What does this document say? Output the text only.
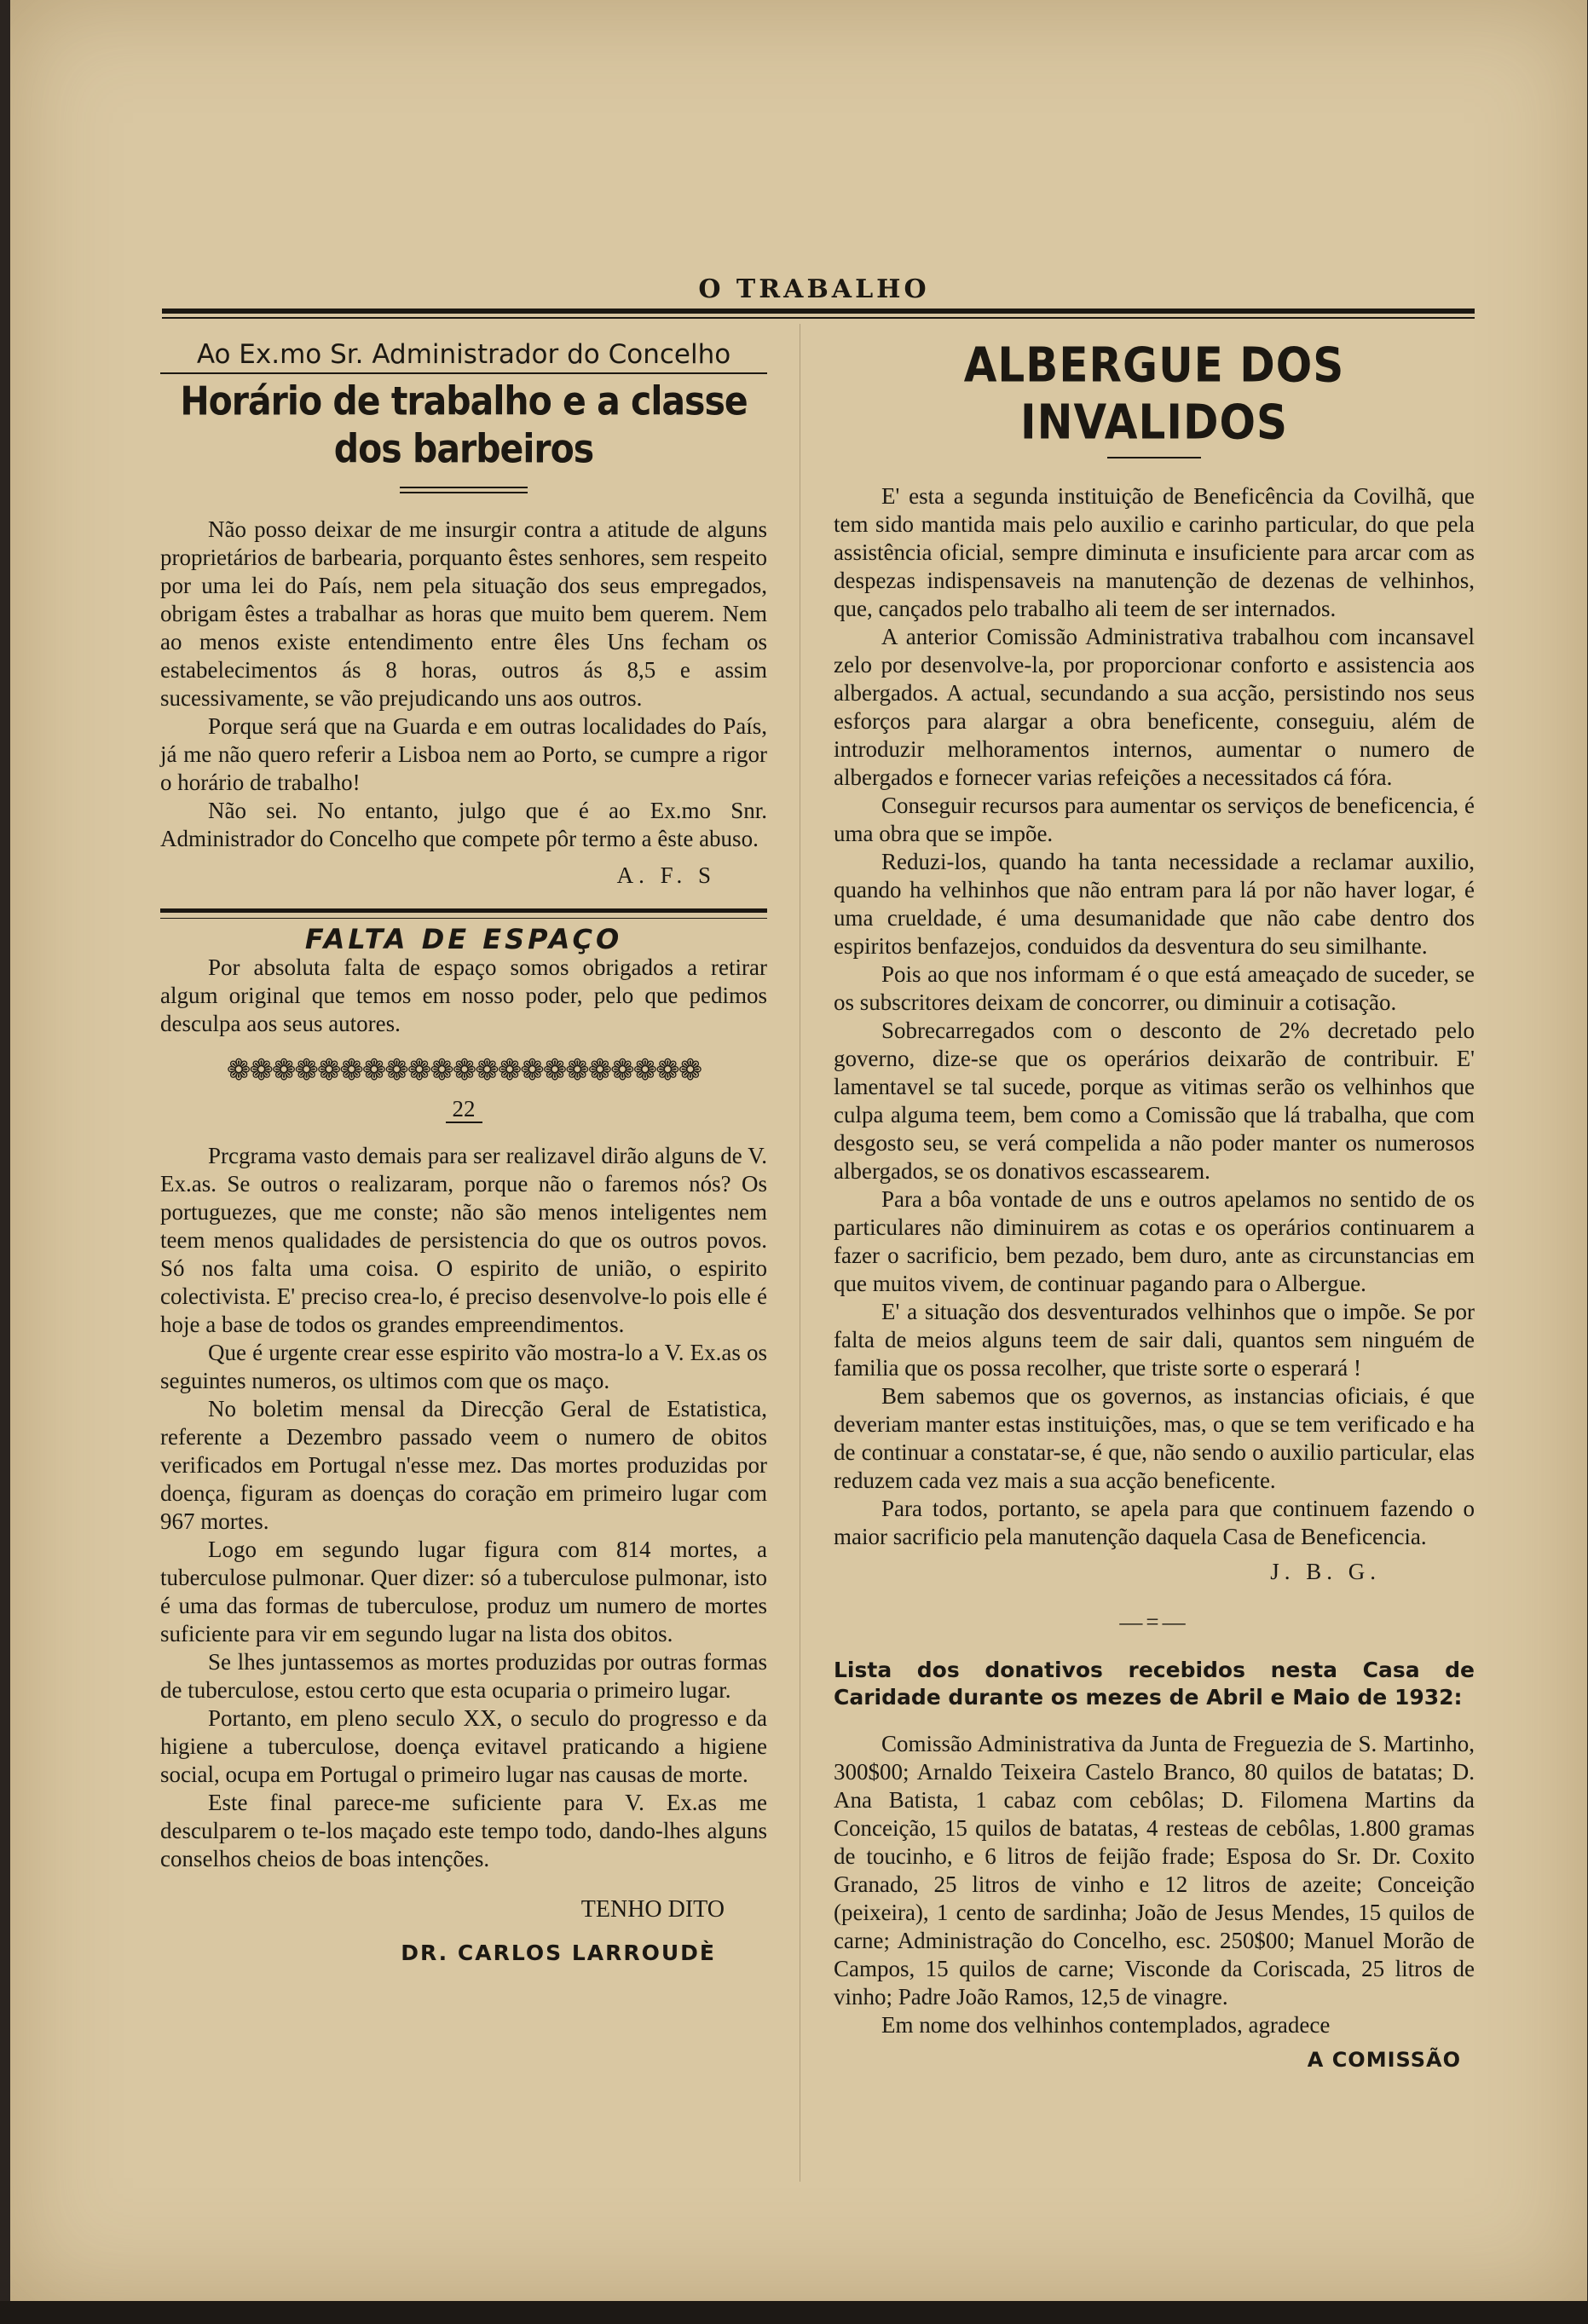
O TRABALHO
Ao Ex.mo Sr. Administrador do Concelho
Horário de trabalho e a classe dos barbeiros

Não posso deixar de me insurgir contra a atitude de alguns proprietários de barbearia, porquanto êstes senhores, sem respeito por uma lei do País, nem pela situação dos seus empregados, obrigam êstes a trabalhar as horas que muito bem querem. Nem ao menos existe entendimento entre êles Uns fecham os estabelecimentos ás 8 horas, outros ás 8,5 e assim sucessivamente, se vão prejudicando uns aos outros.

Porque será que na Guarda e em outras localidades do País, já me não quero referir a Lisboa nem ao Porto, se cumpre a rigor o horário de trabalho!

Não sei. No entanto, julgo que é ao Ex.mo Snr. Administrador do Concelho que compete pôr termo a êste abuso.

A. F. S
FALTA DE ESPAÇO

Por absoluta falta de espaço somos obrigados a retirar algum original que temos em nosso poder, pelo que pedimos desculpa aos seus autores.

❁❁❁❁❁❁❁❁❁❁❁❁❁❁❁❁❁❁❁❁❁
22

Prcgrama vasto demais para ser realizavel dirão alguns de V. Ex.as. Se outros o realizaram, porque não o faremos nós? Os portuguezes, que me conste; não são menos inteligentes nem teem menos qualidades de persistencia do que os outros povos. Só nos falta uma coisa. O espirito de união, o espirito colectivista. E' preciso crea-lo, é preciso desenvolve-lo pois elle é hoje a base de todos os grandes empreendimentos.

Que é urgente crear esse espirito vão mostra-lo a V. Ex.as os seguintes numeros, os ultimos com que os maço.

No boletim mensal da Direcção Geral de Estatistica, referente a Dezembro passado veem o numero de obitos verificados em Portugal n'esse mez. Das mortes produzidas por doença, figuram as doenças do coração em primeiro lugar com 967 mortes.

Logo em segundo lugar figura com 814 mortes, a tuberculose pulmonar. Quer dizer: só a tuberculose pulmonar, isto é uma das formas de tuberculose, produz um numero de mortes suficiente para vir em segundo lugar na lista dos obitos.

Se lhes juntassemos as mortes produzidas por outras formas de tuberculose, estou certo que esta ocuparia o primeiro lugar.

Portanto, em pleno seculo XX, o seculo do progresso e da higiene a tuberculose, doença evitavel praticando a higiene social, ocupa em Portugal o primeiro lugar nas causas de morte.

Este final parece-me suficiente para V. Ex.as me desculparem o te-los maçado este tempo todo, dando-lhes alguns conselhos cheios de boas intenções.

TENHO DITO
DR. CARLOS LARROUDÈ
ALBERGUE DOS INVALIDOS

E' esta a segunda instituição de Beneficência da Covilhã, que tem sido mantida mais pelo auxilio e carinho particular, do que pela assistência oficial, sempre diminuta e insuficiente para arcar com as despezas indispensaveis na manutenção de dezenas de velhinhos, que, cançados pelo trabalho ali teem de ser internados.

A anterior Comissão Administrativa trabalhou com incansavel zelo por desenvolve-la, por proporcionar conforto e assistencia aos albergados. A actual, secundando a sua acção, persistindo nos seus esforços para alargar a obra beneficente, conseguiu, além de introduzir melhoramentos internos, aumentar o numero de albergados e fornecer varias refeições a necessitados cá fóra.

Conseguir recursos para aumentar os serviços de beneficencia, é uma obra que se impõe.

Reduzi-los, quando ha tanta necessidade a reclamar auxilio, quando ha velhinhos que não entram para lá por não haver logar, é uma crueldade, é uma desumanidade que não cabe dentro dos espiritos benfazejos, conduidos da desventura do seu similhante.

Pois ao que nos informam é o que está ameaçado de suceder, se os subscritores deixam de concorrer, ou diminuir a cotisação.

Sobrecarregados com o desconto de 2% decretado pelo governo, dize-se que os operários deixarão de contribuir. E' lamentavel se tal sucede, porque as vitimas serão os velhinhos que culpa alguma teem, bem como a Comissão que lá trabalha, que com desgosto seu, se verá compelida a não poder manter os numerosos albergados, se os donativos escassearem.

Para a bôa vontade de uns e outros apelamos no sentido de os particulares não diminuirem as cotas e os operários continuarem a fazer o sacrificio, bem pezado, bem duro, ante as circunstancias em que muitos vivem, de continuar pagando para o Albergue.

E' a situação dos desventurados velhinhos que o impõe. Se por falta de meios alguns teem de sair dali, quantos sem ninguém de familia que os possa recolher, que triste sorte o esperará !

Bem sabemos que os governos, as instancias oficiais, é que deveriam manter estas instituições, mas, o que se tem verificado e ha de continuar a constatar-se, é que, não sendo o auxilio particular, elas reduzem cada vez mais a sua acção beneficente.

Para todos, portanto, se apela para que continuem fazendo o maior sacrificio pela manutenção daquela Casa de Beneficencia.

J. B. G.
—=—
Lista dos donativos recebidos nesta Casa de Caridade durante os mezes de Abril e Maio de 1932:

Comissão Administrativa da Junta de Freguezia de S. Martinho, 300$00; Arnaldo Teixeira Castelo Branco, 80 quilos de batatas; D. Ana Batista, 1 cabaz com cebôlas; D. Filomena Martins da Conceição, 15 quilos de batatas, 4 resteas de cebôlas, 1.800 gramas de toucinho, e 6 litros de feijão frade; Esposa do Sr. Dr. Coxito Granado, 25 litros de vinho e 12 litros de azeite; Conceição (peixeira), 1 cento de sardinha; João de Jesus Mendes, 15 quilos de carne; Administração do Concelho, esc. 250$00; Manuel Morão de Campos, 15 quilos de carne; Visconde da Coriscada, 25 litros de vinho; Padre João Ramos, 12,5 de vinagre.

Em nome dos velhinhos contemplados, agradece

A COMISSÃO
